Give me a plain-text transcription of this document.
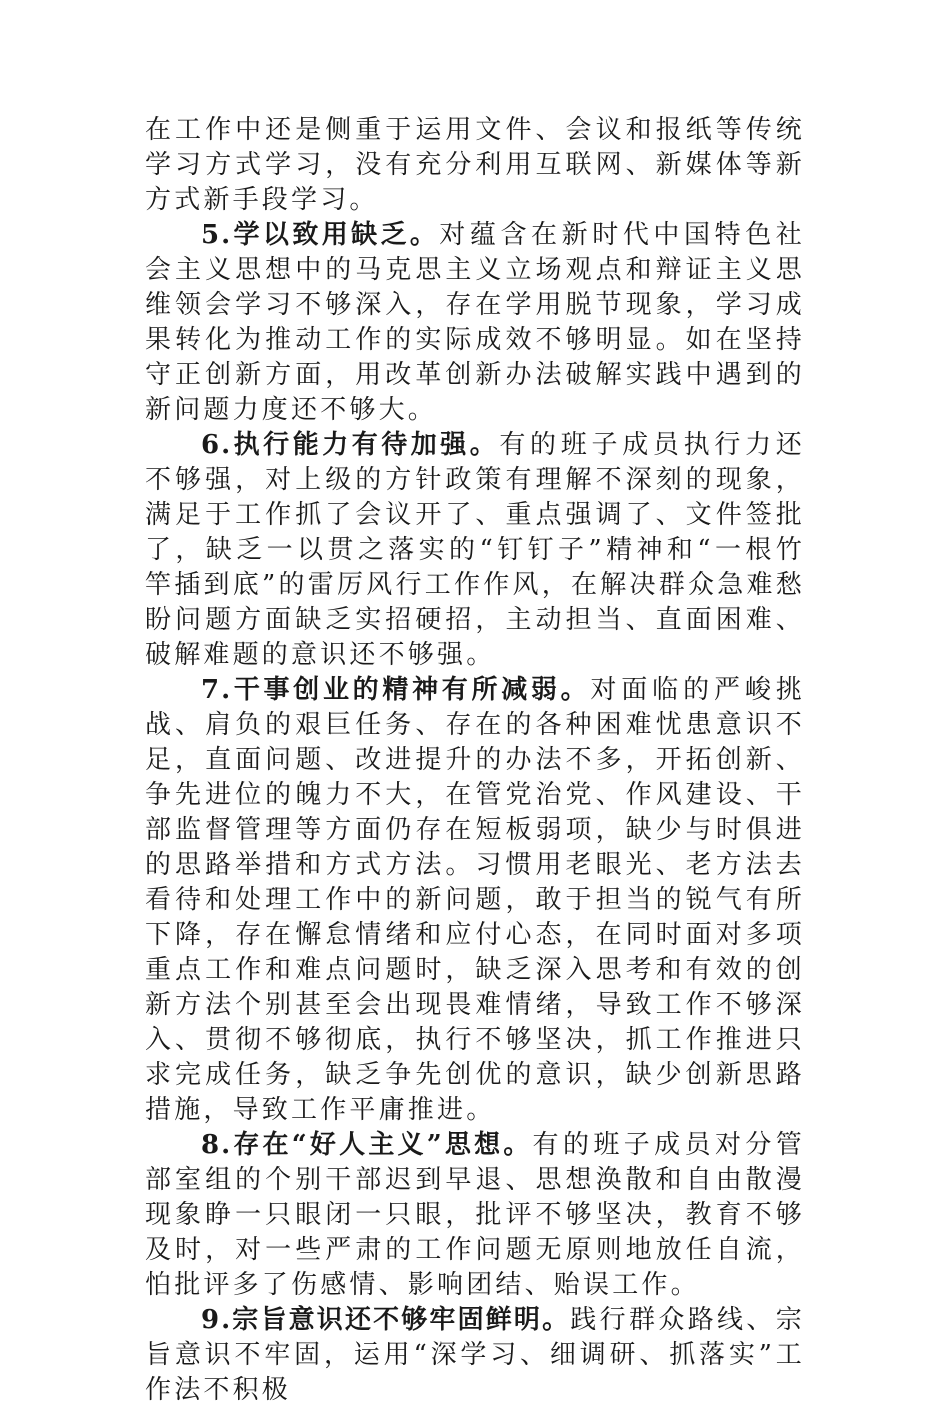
在工作中还是侧重于运用文件、会议和报纸等传统学习方式学习，没有充分利用互联网、新媒体等新方式新手段学习。

5.学以致用缺乏。对蕴含在新时代中国特色社会主义思想中的马克思主义立场观点和辩证主义思维领会学习不够深入，存在学用脱节现象，学习成果转化为推动工作的实际成效不够明显。如在坚持守正创新方面，用改革创新办法破解实践中遇到的新问题力度还不够大。

6.执行能力有待加强。有的班子成员执行力还不够强，对上级的方针政策有理解不深刻的现象，满足于工作抓了会议开了、重点强调了、文件签批了，缺乏一以贯之落实的“钉钉子”精神和“一根竹竿插到底”的雷厉风行工作作风，在解决群众急难愁盼问题方面缺乏实招硬招，主动担当、直面困难、破解难题的意识还不够强。

7.干事创业的精神有所减弱。对面临的严峻挑战、肩负的艰巨任务、存在的各种困难忧患意识不足，直面问题、改进提升的办法不多，开拓创新、争先进位的魄力不大，在管党治党、作风建设、干部监督管理等方面仍存在短板弱项，缺少与时俱进的思路举措和方式方法。习惯用老眼光、老方法去看待和处理工作中的新问题，敢于担当的锐气有所下降，存在懈怠情绪和应付心态，在同时面对多项重点工作和难点问题时，缺乏深入思考和有效的创新方法个别甚至会出现畏难情绪，导致工作不够深入、贯彻不够彻底，执行不够坚决，抓工作推进只求完成任务，缺乏争先创优的意识，缺少创新思路措施，导致工作平庸推进。

8.存在“好人主义”思想。有的班子成员对分管部室组的个别干部迟到早退、思想涣散和自由散漫现象睁一只眼闭一只眼，批评不够坚决，教育不够及时，对一些严肃的工作问题无原则地放任自流，怕批评多了伤感情、影响团结、贻误工作。

9.宗旨意识还不够牢固鲜明。践行群众路线、宗旨意识不牢固，运用“深学习、细调研、抓落实”工作法不积极
